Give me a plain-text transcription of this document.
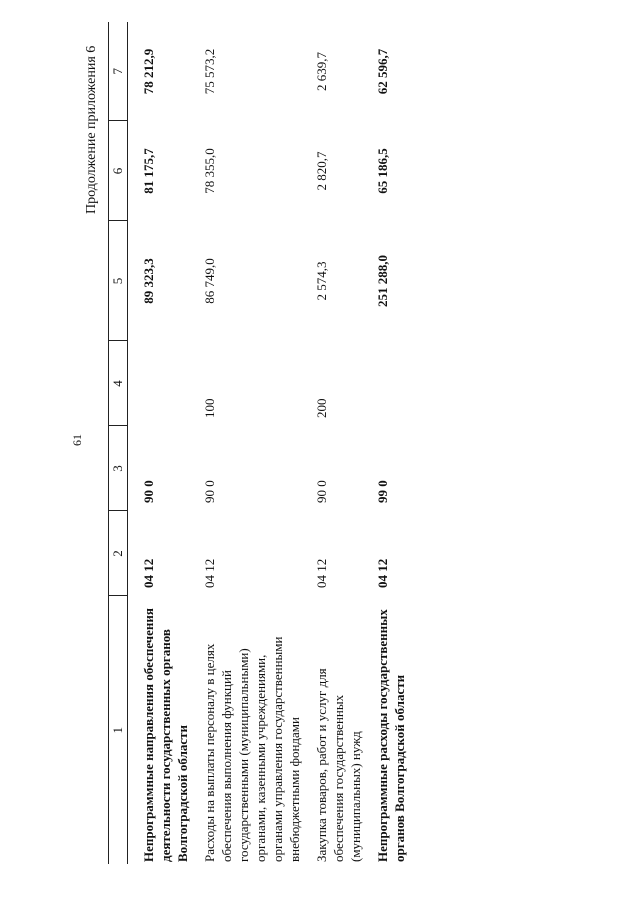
61
Продолжение приложения 6
1	2	3	4	5	6	7
Непрограммные направления обеспечения деятельности государственных органов Волгоградской области	04 12	90 0		89 323,3	81 175,7	78 212,9
Расходы на выплаты персоналу в целях обеспечения выполнения функций государственными (муниципальными) органами, казенными учреждениями, органами управления государственными внебюджетными фондами	04 12	90 0	100	86 749,0	78 355,0	75 573,2
Закупка товаров, работ и услуг для обеспечения государственных (муниципальных) нужд	04 12	90 0	200	2 574,3	2 820,7	2 639,7
Непрограммные расходы государственных органов Волгоградской области	04 12	99 0		251 288,0	65 186,5	62 596,7
